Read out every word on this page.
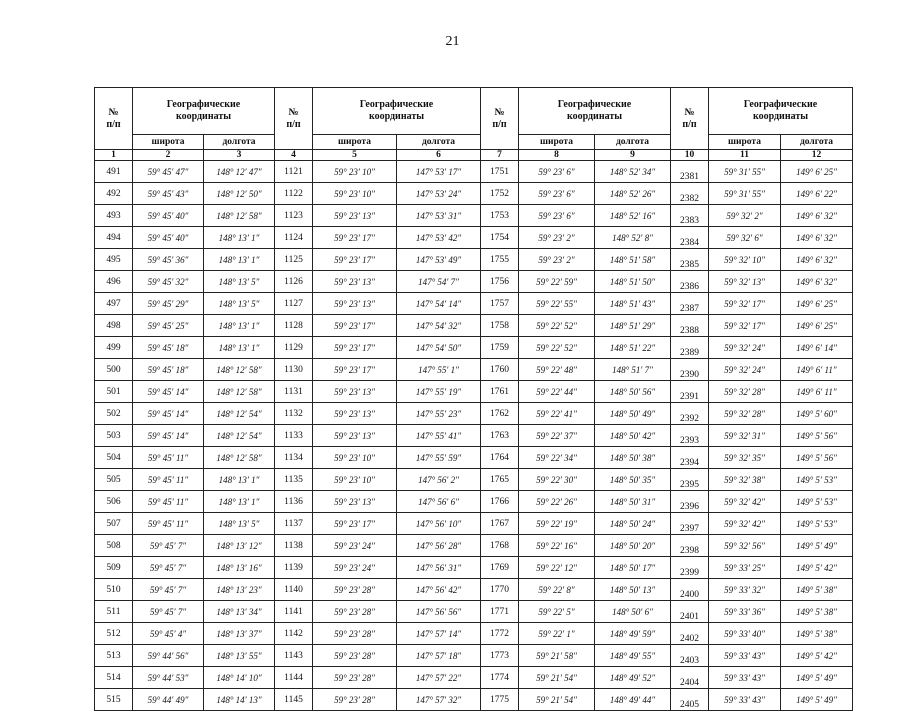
21
№
п/п	Географические
координаты		№
п/п	Географические
координаты		№
п/п	Географические
координаты		№
п/п	Географические
координаты	
	широта	долгота		широта	долгота		широта	долгота		широта	долгота
1	2	3	4	5	6	7	8	9	10	11	12
491	59° 45′ 47″	148° 12′ 47″	1121	59° 23′ 10″	147° 53′ 17″	1751	59° 23′ 6″	148° 52′ 34″	2381	59° 31′ 55″	149° 6′ 25″
492	59° 45′ 43″	148° 12′ 50″	1122	59° 23′ 10″	147° 53′ 24″	1752	59° 23′ 6″	148° 52′ 26″	2382	59° 31′ 55″	149° 6′ 22″
493	59° 45′ 40″	148° 12′ 58″	1123	59° 23′ 13″	147° 53′ 31″	1753	59° 23′ 6″	148° 52′ 16″	2383	59° 32′ 2″	149° 6′ 32″
494	59° 45′ 40″	148° 13′ 1″	1124	59° 23′ 17″	147° 53′ 42″	1754	59° 23′ 2″	148° 52′ 8″	2384	59° 32′ 6″	149° 6′ 32″
495	59° 45′ 36″	148° 13′ 1″	1125	59° 23′ 17″	147° 53′ 49″	1755	59° 23′ 2″	148° 51′ 58″	2385	59° 32′ 10″	149° 6′ 32″
496	59° 45′ 32″	148° 13′ 5″	1126	59° 23′ 13″	147° 54′ 7″	1756	59° 22′ 59″	148° 51′ 50″	2386	59° 32′ 13″	149° 6′ 32″
497	59° 45′ 29″	148° 13′ 5″	1127	59° 23′ 13″	147° 54′ 14″	1757	59° 22′ 55″	148° 51′ 43″	2387	59° 32′ 17″	149° 6′ 25″
498	59° 45′ 25″	148° 13′ 1″	1128	59° 23′ 17″	147° 54′ 32″	1758	59° 22′ 52″	148° 51′ 29″	2388	59° 32′ 17″	149° 6′ 25″
499	59° 45′ 18″	148° 13′ 1″	1129	59° 23′ 17″	147° 54′ 50″	1759	59° 22′ 52″	148° 51′ 22″	2389	59° 32′ 24″	149° 6′ 14″
500	59° 45′ 18″	148° 12′ 58″	1130	59° 23′ 17″	147° 55′ 1″	1760	59° 22′ 48″	148° 51′ 7″	2390	59° 32′ 24″	149° 6′ 11″
501	59° 45′ 14″	148° 12′ 58″	1131	59° 23′ 13″	147° 55′ 19″	1761	59° 22′ 44″	148° 50′ 56″	2391	59° 32′ 28″	149° 6′ 11″
502	59° 45′ 14″	148° 12′ 54″	1132	59° 23′ 13″	147° 55′ 23″	1762	59° 22′ 41″	148° 50′ 49″	2392	59° 32′ 28″	149° 5′ 60″
503	59° 45′ 14″	148° 12′ 54″	1133	59° 23′ 13″	147° 55′ 41″	1763	59° 22′ 37″	148° 50′ 42″	2393	59° 32′ 31″	149° 5′ 56″
504	59° 45′ 11″	148° 12′ 58″	1134	59° 23′ 10″	147° 55′ 59″	1764	59° 22′ 34″	148° 50′ 38″	2394	59° 32′ 35″	149° 5′ 56″
505	59° 45′ 11″	148° 13′ 1″	1135	59° 23′ 10″	147° 56′ 2″	1765	59° 22′ 30″	148° 50′ 35″	2395	59° 32′ 38″	149° 5′ 53″
506	59° 45′ 11″	148° 13′ 1″	1136	59° 23′ 13″	147° 56′ 6″	1766	59° 22′ 26″	148° 50′ 31″	2396	59° 32′ 42″	149° 5′ 53″
507	59° 45′ 11″	148° 13′ 5″	1137	59° 23′ 17″	147° 56′ 10″	1767	59° 22′ 19″	148° 50′ 24″	2397	59° 32′ 42″	149° 5′ 53″
508	59° 45′ 7″	148° 13′ 12″	1138	59° 23′ 24″	147° 56′ 28″	1768	59° 22′ 16″	148° 50′ 20″	2398	59° 32′ 56″	149° 5′ 49″
509	59° 45′ 7″	148° 13′ 16″	1139	59° 23′ 24″	147° 56′ 31″	1769	59° 22′ 12″	148° 50′ 17″	2399	59° 33′ 25″	149° 5′ 42″
510	59° 45′ 7″	148° 13′ 23″	1140	59° 23′ 28″	147° 56′ 42″	1770	59° 22′ 8″	148° 50′ 13″	2400	59° 33′ 32″	149° 5′ 38″
511	59° 45′ 7″	148° 13′ 34″	1141	59° 23′ 28″	147° 56′ 56″	1771	59° 22′ 5″	148° 50′ 6″	2401	59° 33′ 36″	149° 5′ 38″
512	59° 45′ 4″	148° 13′ 37″	1142	59° 23′ 28″	147° 57′ 14″	1772	59° 22′ 1″	148° 49′ 59″	2402	59° 33′ 40″	149° 5′ 38″
513	59° 44′ 56″	148° 13′ 55″	1143	59° 23′ 28″	147° 57′ 18″	1773	59° 21′ 58″	148° 49′ 55″	2403	59° 33′ 43″	149° 5′ 42″
514	59° 44′ 53″	148° 14′ 10″	1144	59° 23′ 28″	147° 57′ 22″	1774	59° 21′ 54″	148° 49′ 52″	2404	59° 33′ 43″	149° 5′ 49″
515	59° 44′ 49″	148° 14′ 13″	1145	59° 23′ 28″	147° 57′ 32″	1775	59° 21′ 54″	148° 49′ 44″	2405	59° 33′ 43″	149° 5′ 49″
